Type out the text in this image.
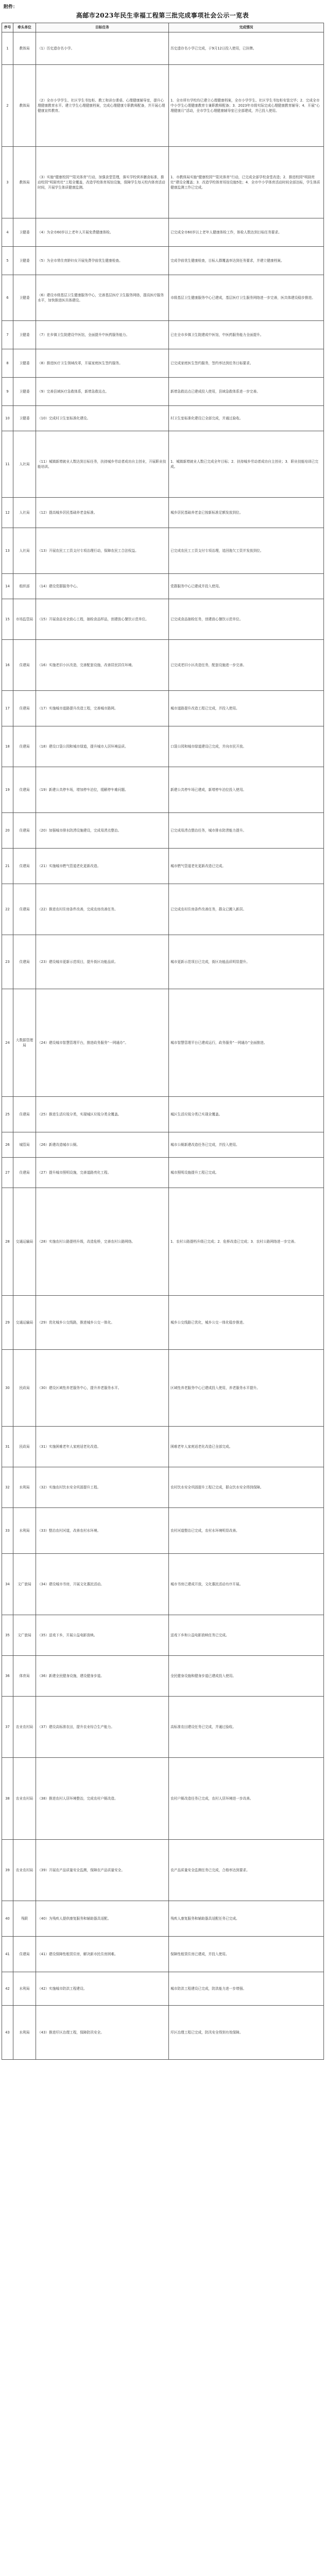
附件：
高邮市2023年民生幸福工程第三批完成事项社会公示一览表
序号	牵头单位	目标任务	完成情况
1	教体局	（1）历史遗存名小学。	历史遗存名小学已完成，于9月12日投入使用，已挂牌。
2	教体局	（2）全市小学学生、社区学生书包柜、教工和讲台课桌、心理健康辅导室，提升心理健康教育水平。建立学生心理健康档案，完成心理健康专职教师配备，并开展心理健康宣传教育。	1．全市所有学校均已建立心理健康档案，全市小学学生、社区学生书包柜安装完毕；2．完成全市中小学生心理健康教育专兼职教师配备；3．2023年市级实际完成心理健康教育辅导；4．开展“心理健康月”活动，全市学生心理健康辅导室已全部建成，并已投入使用。
3	教体局	（3）实施“健康校园”“阳光体育”行动，加强食堂管理，落实学校营养膳食标准，推动校园“明厨亮灶”工程全覆盖，改造学校体育场馆设施，保障学生每天校内体育活动时间，开展学生体质健康监测。	1．市教体局实施“健康校园”“阳光体育”行动，已完成全部学校食堂改造；2．推进校园“明厨亮灶”建设全覆盖；3．改造学校体育场馆设施5处；4．全市中小学体育活动时间全部达标，学生体质健康监测工作已完成。
4	卫健委	（4）为全市60岁以上老年人开展免费健康体检。	已完成全市60岁以上老年人健康体检工作，体检人数达到目标任务要求。
5	卫健委	（5）为全市常住育龄妇女开展免费孕前优生健康检查。	完成孕前优生健康检查，目标人群覆盖率达到任务要求，并建立健康档案。
6	卫健委	（6）建设市级基层卫生健康服务中心，完善基层医疗卫生服务网络，提高医疗服务水平，加快推进医共体建设。	市级基层卫生健康服务中心已建成，基层医疗卫生服务网络进一步完善，医共体建设稳步推进。
7	卫健委	（7）在乡镇卫生院建设中医馆，全面提升中医药服务能力。	已在全市乡镇卫生院建成中医馆，中医药服务能力全面提升。
8	卫健委	（8）推进医疗卫生领域改革，开展家庭医生签约服务。	已完成家庭医生签约服务，签约率达到任务目标要求。
9	卫健委	（9）完善县域医疗急救体系，新增急救站点。	新增急救站点已建成投入使用，县域急救体系进一步完善。
10	卫健委	（10）完成村卫生室标准化建设。	村卫生室标准化建设已全部完成，并通过验收。
11	人社局	（11）城镇新增就业人数达到目标任务，扶持城乡劳动者成功自主创业，开展职业技能培训。	1．城镇新增就业人数已完成全年目标；2．扶持城乡劳动者成功自主创业；3．职业技能培训已完成。
12	人社局	（12）提高城乡居民基础养老金标准。	城乡居民基础养老金已按新标准足额发放到位。
13	人社局	（13）开展农民工工资支付专项治理行动，保障农民工合法权益。	已完成农民工工资支付专项治理，追回拖欠工资并发放到位。
14	组织部	（14）建设党群服务中心。	党群服务中心已建成并投入使用。
15	市场监管局	（15）开展食品安全放心工程，抽检食品样品，创建放心餐饮示范单位。	已完成食品抽检任务，创建放心餐饮示范单位。
16	住建局	（16）实施老旧小区改造，完善配套设施，改善居民居住环境。	已完成老旧小区改造任务，配套设施进一步完善。
17	住建局	（17）实施城市道路提升改造工程，完善城市路网。	城市道路提升改造工程已完成，并投入使用。
18	住建局	（18）建设口袋公园和城市绿道，提升城市人居环境品质。	口袋公园和城市绿道建设已完成，并向市民开放。
19	住建局	（19）新建公共停车场，增加停车泊位，缓解停车难问题。	新建公共停车场已建成，新增停车泊位投入使用。
20	住建局	（20）加强城市排水防涝设施建设，完成易涝点整治。	已完成易涝点整治任务，城市排水防涝能力提升。
21	住建局	（21）实施城市燃气管道老化更新改造。	城市燃气管道老化更新改造已完成。
22	住建局	（22）推进农村住房条件改善，完成农房改善任务。	已完成农村住房条件改善任务，群众已搬入新居。
23	住建局	（23）建设城市更新示范项目，提升街区功能品质。	城市更新示范项目已完成，街区功能品质明显提升。
24	大数据管理局	（24）建设城市智慧管理平台，推进政务服务“一网通办”。	城市智慧管理平台已建成运行，政务服务“一网通办”全面推进。
25	住建局	（25）推进生活垃圾分类，实现城区垃圾分类全覆盖。	城区生活垃圾分类已实现全覆盖。
26	城管局	（26）新建改造城市公厕。	城市公厕新建改造任务已完成，并投入使用。
27	住建局	（27）提升城市照明设施，完善道路亮化工程。	城市照明设施提升工程已完成。
28	交通运输局	（28）实施农村公路提档升级，改造危桥，完善农村公路网络。	1．农村公路提档升级已完成；2．危桥改造已完成；3．农村公路网络进一步完善。
29	交通运输局	（29）优化城乡公交线路，推进城乡公交一体化。	城乡公交线路已优化，城乡公交一体化稳步推进。
30	民政局	（30）建设区域性养老服务中心，提升养老服务水平。	区域性养老服务中心已建成投入使用，养老服务水平提升。
31	民政局	（31）实施困难老年人家庭适老化改造。	困难老年人家庭适老化改造已全部完成。
32	水利局	（32）实施农村饮水安全巩固提升工程。	农村饮水安全巩固提升工程已完成，群众饮水安全得到保障。
33	水利局	（33）整治农村河道，改善农村水环境。	农村河道整治已完成，农村水环境明显改善。
34	文广旅局	（34）建设城市书房，开展文化惠民活动。	城市书房已建成开放，文化惠民活动有序开展。
35	文广旅局	（35）送戏下乡，开展公益电影放映。	送戏下乡和公益电影放映任务已完成。
36	体育局	（36）新建全民健身设施，建设健身步道。	全民健身设施和健身步道已建成投入使用。
37	农业农村局	（37）建设高标准农田，提升农业综合生产能力。	高标准农田建设任务已完成，并通过验收。
38	农业农村局	（38）推进农村人居环境整治，完成农村户厕改造。	农村户厕改造任务已完成，农村人居环境进一步改善。
39	农业农村局	（39）开展农产品质量安全监测，保障农产品质量安全。	农产品质量安全监测任务已完成，合格率达到要求。
40	残联	（40）为残疾人提供康复服务和辅助器具适配。	残疾人康复服务和辅助器具适配任务已完成。
41	住建局	（41）建设保障性租赁住房，解决新市民住房困难。	保障性租赁住房已建成，并投入使用。
42	水利局	（42）实施城市防洪工程建设。	城市防洪工程建设已完成，防洪能力进一步增强。
43	水利局	（43）推进圩区治理工程，保障防汛安全。	圩区治理工程已完成，防汛安全得到有效保障。
